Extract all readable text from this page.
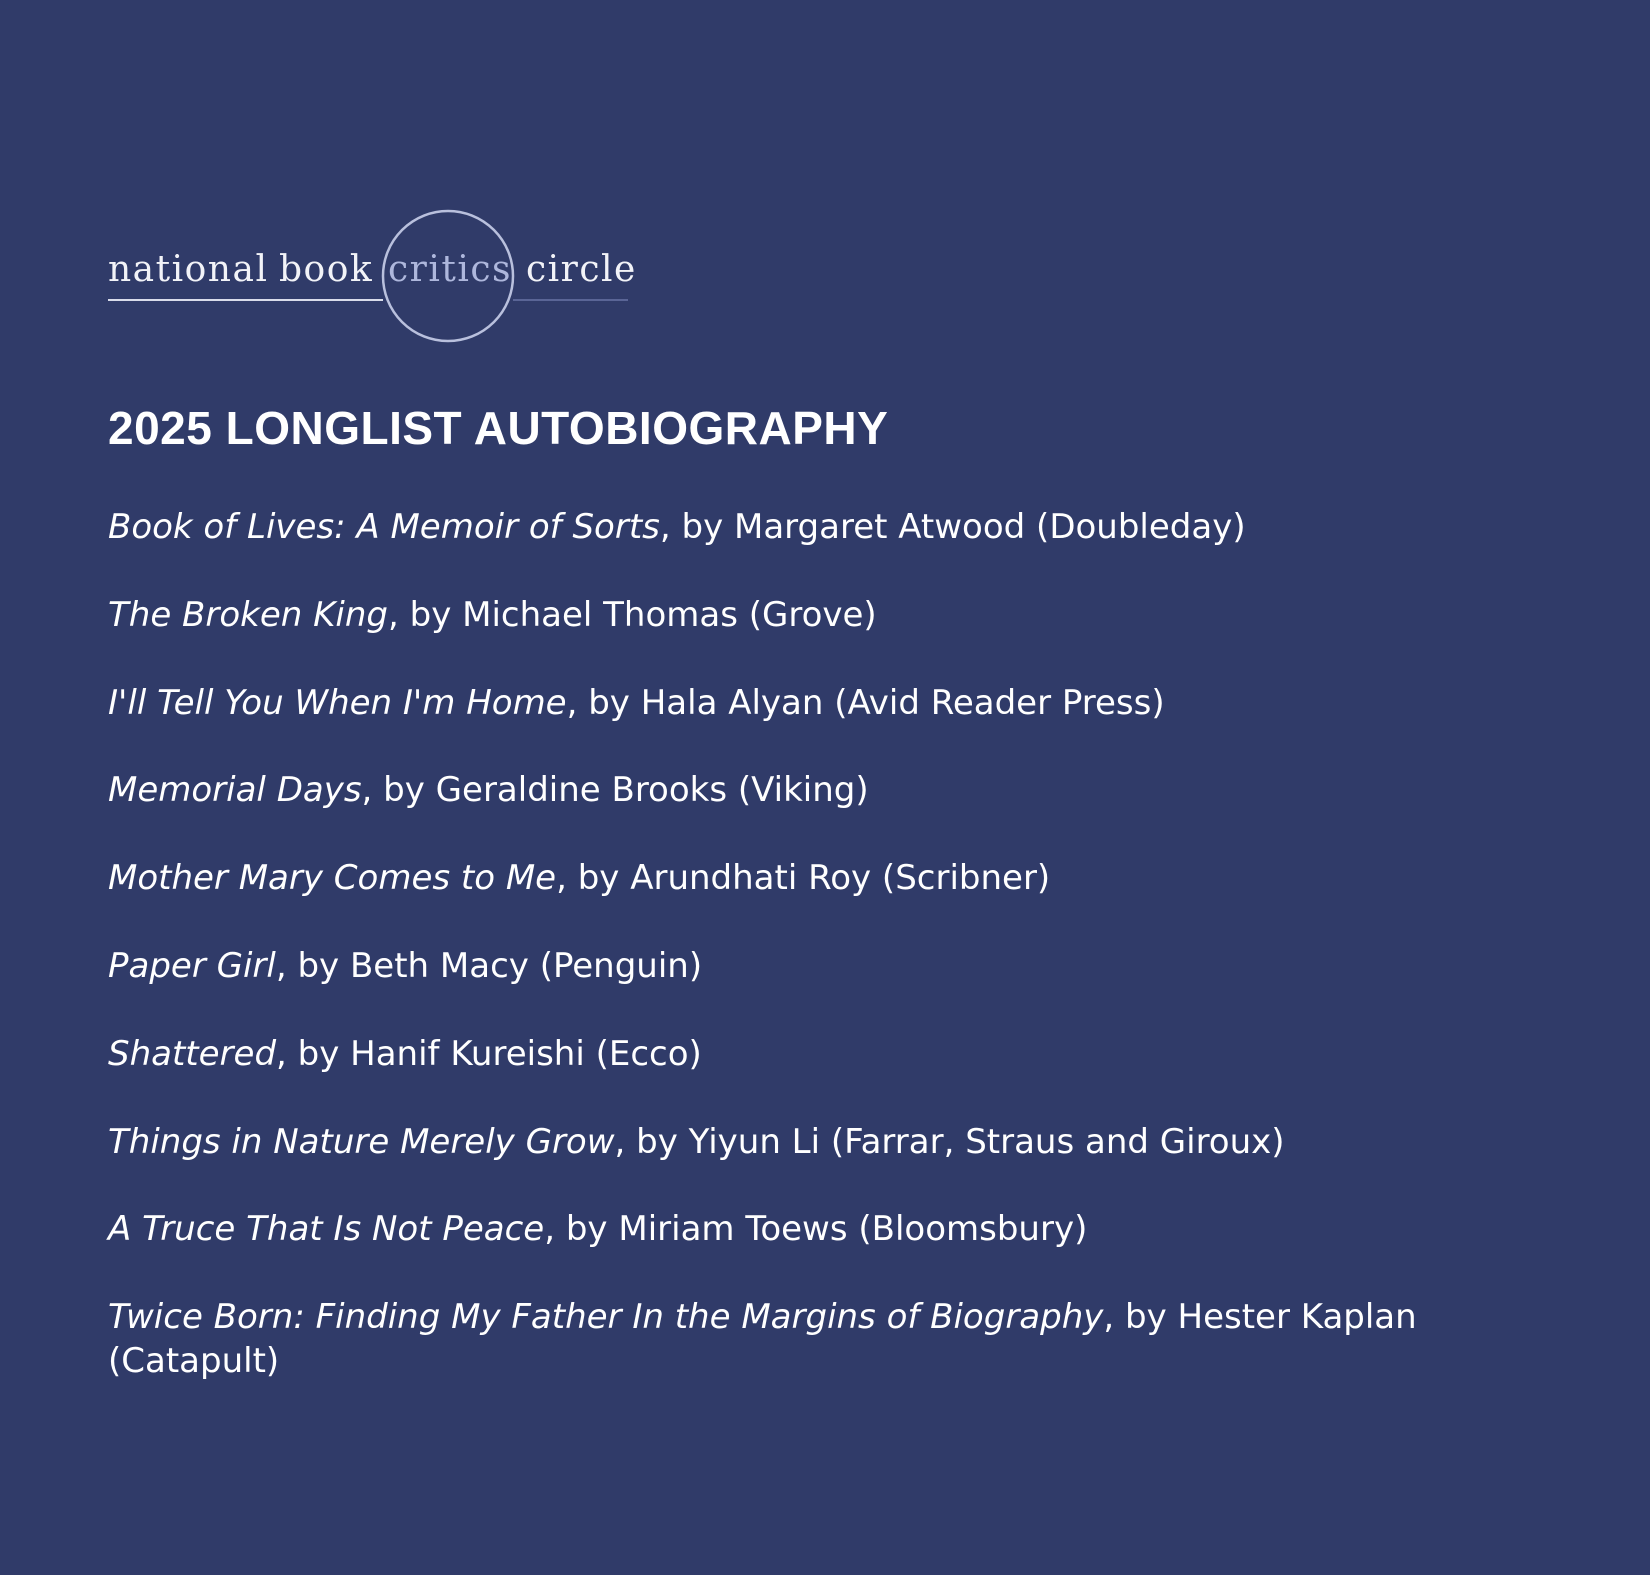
national book critics circle
2025 LONGLIST AUTOBIOGRAPHY
Book of Lives: A Memoir of Sorts, by Margaret Atwood (Doubleday)
The Broken King, by Michael Thomas (Grove)
I'll Tell You When I'm Home, by Hala Alyan (Avid Reader Press)
Memorial Days, by Geraldine Brooks (Viking)
Mother Mary Comes to Me, by Arundhati Roy (Scribner)
Paper Girl, by Beth Macy (Penguin)
Shattered, by Hanif Kureishi (Ecco)
Things in Nature Merely Grow, by Yiyun Li (Farrar, Straus and Giroux)
A Truce That Is Not Peace, by Miriam Toews (Bloomsbury)
Twice Born: Finding My Father In the Margins of Biography, by Hester Kaplan (Catapult)
